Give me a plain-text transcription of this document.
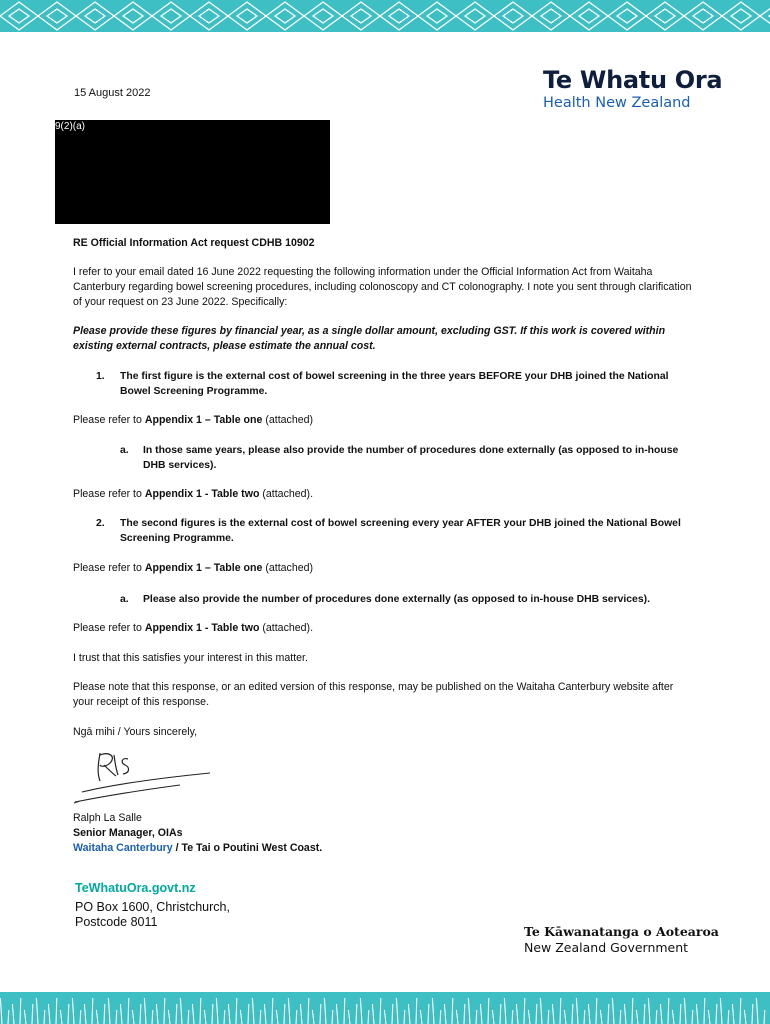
Te Whatu Ora
Health New Zealand
15 August 2022
9(2)(a)
RE Official Information Act request CDHB 10902
I refer to your email dated 16 June 2022 requesting the following information under the Official Information Act from Waitaha Canterbury regarding bowel screening procedures, including colonoscopy and CT colonography. I note you sent through clarification of your request on 23 June 2022. Specifically:
Please provide these figures by financial year, as a single dollar amount, excluding GST. If this work is covered within existing external contracts, please estimate the annual cost.
1. The first figure is the external cost of bowel screening in the three years BEFORE your DHB joined the National Bowel Screening Programme.
Please refer to Appendix 1 – Table one (attached)
a. In those same years, please also provide the number of procedures done externally (as opposed to in-house DHB services).
Please refer to Appendix 1 - Table two (attached).
2. The second figures is the external cost of bowel screening every year AFTER your DHB joined the National Bowel Screening Programme.
Please refer to Appendix 1 – Table one (attached)
a. Please also provide the number of procedures done externally (as opposed to in-house DHB services).
Please refer to Appendix 1 - Table two (attached).
I trust that this satisfies your interest in this matter.
Please note that this response, or an edited version of this response, may be published on the Waitaha Canterbury website after your receipt of this response.
Ngā mihi / Yours sincerely,
Ralph La Salle
Senior Manager, OIAs
Waitaha Canterbury / Te Tai o Poutini West Coast.
TeWhatuOra.govt.nz
PO Box 1600, Christchurch,
Postcode 8011
Te Kāwanatanga o Aotearoa
New Zealand Government
